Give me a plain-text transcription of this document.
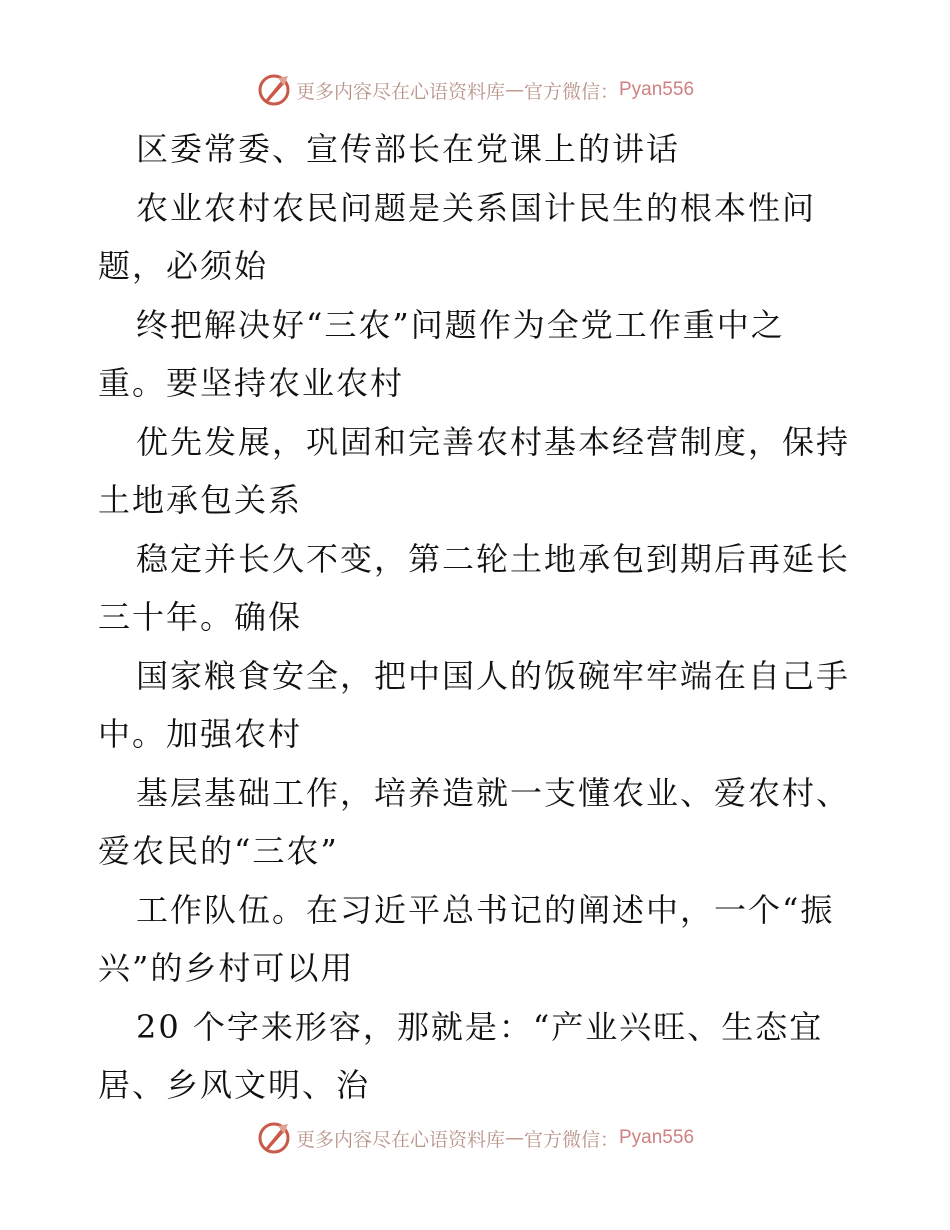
更多内容尽在心语资料库 — 官方微信： Pyan556
区委常委、宣传部长在党课上的讲话
农业农村农民问题是关系国计民生的根本性问
题，必须始
终把解决好“三农”问题作为全党工作重中之
重。要坚持农业农村
优先发展，巩固和完善农村基本经营制度，保持
土地承包关系
稳定并长久不变，第二轮土地承包到期后再延长
三十年。确保
国家粮食安全，把中国人的饭碗牢牢端在自己手
中。加强农村
基层基础工作，培养造就一支懂农业、爱农村、
爱农民的“三农”
工作队伍。在习近平总书记的阐述中，一个“振
兴”的乡村可以用
20 个字来形容，那就是：“产业兴旺、生态宜
居、乡风文明、治
更多内容尽在心语资料库 — 官方微信： Pyan556
